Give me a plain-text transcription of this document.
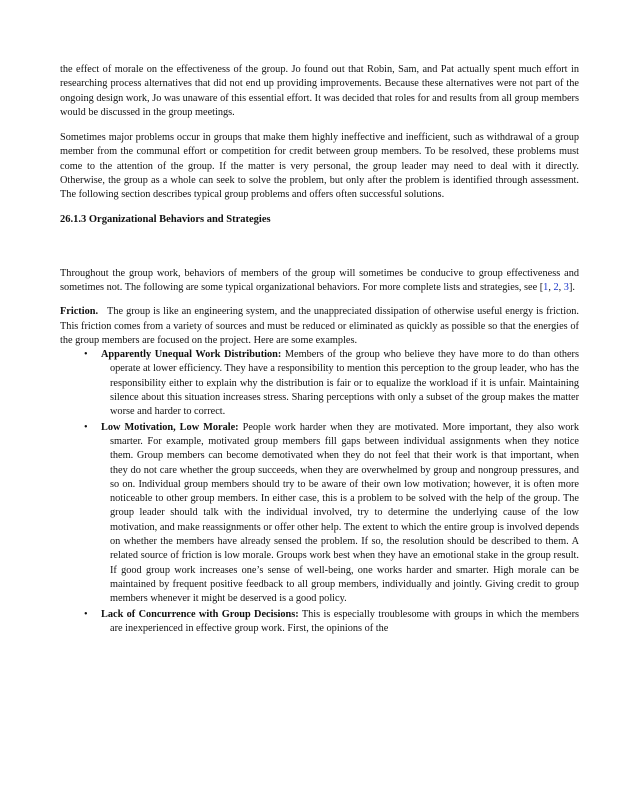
the effect of morale on the effectiveness of the group. Jo found out that Robin, Sam, and Pat actually spent much effort in researching process alternatives that did not end up providing improvements. Because these alternatives were not part of the ongoing design work, Jo was unaware of this essential effort. It was decided that roles for and results from all group members would be discussed in the group meetings.

Sometimes major problems occur in groups that make them highly ineffective and inefficient, such as withdrawal of a group member from the communal effort or competition for credit between group members. To be resolved, these problems must come to the attention of the group. If the matter is very personal, the group leader may need to deal with it directly. Otherwise, the group as a whole can seek to solve the problem, but only after the problem is identified through assessment. The following section describes typical group problems and offers often successful solutions.

26.1.3 Organizational Behaviors and Strategies

Throughout the group work, behaviors of members of the group will sometimes be conducive to group effectiveness and sometimes not. The following are some typical organizational behaviors. For more complete lists and strategies, see [1, 2, 3].

Friction. The group is like an engineering system, and the unappreciated dissipation of otherwise useful energy is friction. This friction comes from a variety of sources and must be reduced or eliminated as quickly as possible so that the energies of the group members are focused on the project. Here are some examples.

• Apparently Unequal Work Distribution: Members of the group who believe they have more to do than others operate at lower efficiency. They have a responsibility to mention this perception to the group leader, who has the responsibility either to explain why the distribution is fair or to equalize the workload if it is unfair. Maintaining silence about this situation increases stress. Sharing perceptions with only a subset of the group makes the matter worse and harder to correct.
• Low Motivation, Low Morale: People work harder when they are motivated. More important, they also work smarter. For example, motivated group members fill gaps between individual assignments when they notice them. Group members can become demotivated when they do not feel that their work is that important, when they do not care whether the group succeeds, when they are overwhelmed by group and nongroup pressures, and so on. Individual group members should try to be aware of their own low motivation; however, it is often more noticeable to other group members. In either case, this is a problem to be solved with the help of the group. The group leader should talk with the individual involved, try to determine the underlying cause of the low motivation, and make reassignments or offer other help. The extent to which the entire group is involved depends on whether the members have already sensed the problem. If so, the resolution should be described to them. A related source of friction is low morale. Groups work best when they have an emotional stake in the group result. If good group work increases one’s sense of well-being, one works harder and smarter. High morale can be maintained by frequent positive feedback to all group members, individually and jointly. Giving credit to group members whenever it might be deserved is a good policy.
• Lack of Concurrence with Group Decisions: This is especially troublesome with groups in which the members are inexperienced in effective group work. First, the opinions of the
